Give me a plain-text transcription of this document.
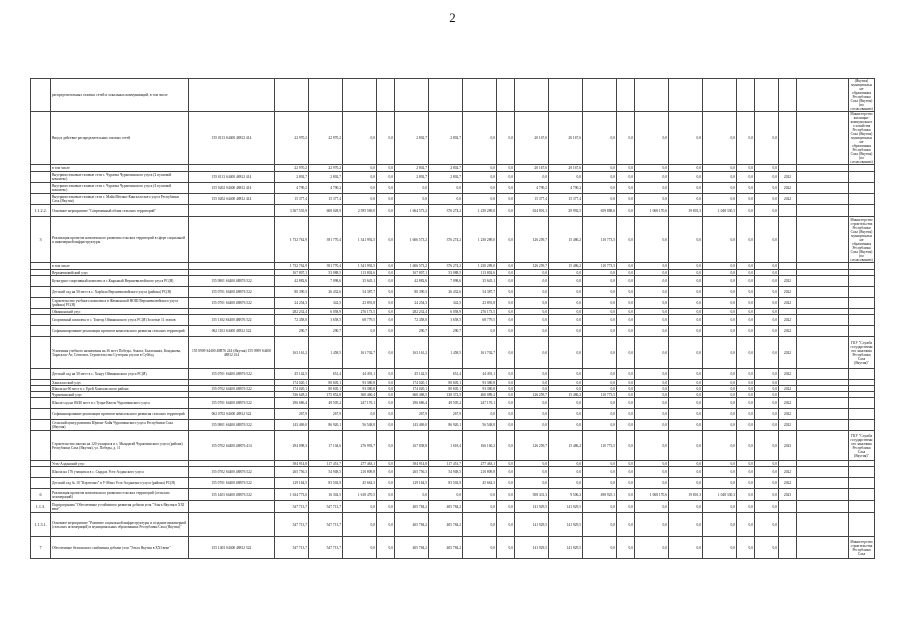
2
	распределительных газовых сетей и локальных коммуникаций, в том числе																					(Якутия) муниципальные образования Республики Саха (Якутия) (по согласованию)
	Ввод в действие распределительных газовых сетей	155 0113 S4400 48812 414	22 970,2	22 970,2	0,0	0,0	2 802,7	2 802,7	0,0	0,0	20 167,6	20 167,6	0,0	0,0	0,0	0,0	0,0	0,0	0,0			Министерство жилищно-коммунального хозяйства Республики Саха (Якутия) муниципальные образования Республики Саха (Якутия) (по согласованию)
	в том числе		22 970,2	22 970,2	0,0	0,0	2 802,7	2 802,7	0,0	0,0	20 167,6	20 167,6	0,0	0,0	0,0	0,0	0,0	0,0	0,0			
	Внутрипоселковые газовые сети с. Чурапча Чурапчинского улуса (2 пусковой комплекс)	155 0113 S4400 48812 414	2 802,7	2 802,7	0,0	0,0	2 802,7	2 802,7	0,0	0,0	0,0	0,0	0,0	0,0	0,0	0,0	0,0	0,0	0,0	2022		
	Внутрипоселковые газовые сети с. Чурапча Чурапчинского улуса (4 пусковой комплекс)	155 0202 S4400 48812 414	4 790,2	4 790,2	0,0	0,0	0,0	0,0	0,0	0,0	4 790,2	4 790,2	0,0	0,0	0,0	0,0	0,0	0,0	0,0	2022		
	Внутрипоселковые газовые сети с. Майя Мегино-Кангаласского улуса Республики Саха (Якутия)	155 0202 S4400 48812 414	15 377,4	15 377,4	0,0	0,0	0,0	0,0	0,0	0,0	15 377,4	15 377,4	0,0	0,0	0,0	0,0	0,0	0,0	0,0	2022		
1.1.2.2.	Основное мероприятие "Современный облик сельских территорий"		3 367 535,9	608 028,9	2 595 569,0	0,0	1 664 573,2	376 274,2	1 230 289,0	0,0	634 801,1	29 992,5	659 888,6	0,0	1 068 170,6	19 801,3	1 048 330,3	0,0	0,0			
3	Реализация проектов комплексного развития сельских территорий в сфере социальной и инженерной инфраструктуры		1 732 762,9	391 770,4	1 341 992,5	0,0	1 606 573,2	376 274,2	1 230 289,0	0,0	126 259,7	15 486,2	110 773,5	0,0	0,0	0,0	0,0	0,0	0,0			Министерство строительства Республики Саха (Якутия) муниципальные образования Республики Саха (Якутия) (по согласованию)
	в том числе		1 732 762,9	391 770,4	1 341 992,5	0,0	1 606 573,2	376 274,2	1 230 289,0	0,0	126 259,7	15 486,2	110 773,5	0,0	0,0	0,0	0,0	0,0	0,0			
	Верхневилюйский улус		167 807,1	53 088,5	113 802,6	0,0	167 807,1	53 088,5	113 802,6	0,0	0,0	0,0	0,0	0,0	0,0	0,0	0,0	0,0	0,0			
	Культурно-спортивный комплекс в с.Кырыкый Верхневилюйского улуса РС(Я)	155 0801 S4400 48B76 522	42 882,6	7 098,6	35 645,1	0,0	42 882,6	7 098,6	35 645,1	0,0	0,0	0,0	0,0	0,0	0,0	0,0	0,0	0,0	0,0	2022		
	Детский сад на 50 мест в с. Харбала Верхневилюйского улуса (района) РС(Я)	155 0701 S4400 48B76 522	80 390,3	26 432,6	54 387,7	0,0	80 390,3	26 432,6	54 387,7	0,0	0,0	0,0	0,0	0,0	0,0	0,0	0,0	0,0	0,0	2022		
	Строительство учебного комплекса в Жемконской НОШ Верхневилюйского улуса (района) РС(Я)	155 0701 S4400 48B76 522	24 254,3	342,5	23 891,8	0,0	24 254,3	342,5	23 891,8	0,0	0,0	0,0	0,0	0,0	0,0	0,0	0,0	0,0	0,0	2022		
	Оймяконский улус		282 232,4	6 058,9	276 173,5	0,0	282 232,4	6 058,9	276 173,5	0,0	0,0	0,0	0,0	0,0	0,0	0,0	0,0	0,0	0,0			
	Спортивный комплекс в с. Томтор Оймяконского улуса РС(Я) Золотые 11 этапов	155 1102 S4400 48B76 522	72 458,0	3 658,5	68 779,5	0,0	72 458,0	3 658,5	68 779,5	0,0	0,0	0,0	0,0	0,0	0,0	0,0	0,0	0,0	0,0	2022		
	Софинансирование реализации проектов комплексного развития сельских территорий	062 1102 S4400 48812 522	290,7	290,7	0,0	0,0	290,7	290,7	0,0	0,0	0,0	0,0	0,0	0,0	0,0	0,0	0,0	0,0	0,0	2022		
	Усиленная учебного назначения на 36 мест Победы, Амыга, Балаганнах, Кондакова, Тарагалас-Ат, Сегиенга, Строительство Суттерин улусов в Суббад	155 0909 S4400 48B76 244 (Якутия) 155 0909 S4400 48812 414	163 161,2	1 458,5	161 702,7	0,0	163 161,2	1 458,5	161 702,7	0,0	0,0	0,0	0,0	0,0	0,0	0,0	0,0	0,0	0,0	2022		ГКУ "Служба государственного заказчика Республики Саха (Якутия)"
	Детский сад на 50 мест в с. Хонуу Оймяконского улуса РС(Я)	155 0701 S4400 48B76 522	45 142,5	651,4	44 491,1	0,0	45 142,5	651,4	44 491,1	0,0	0,0	0,0	0,0	0,0	0,0	0,0	0,0	0,0	0,0	2022		
	Хангаласский улус		174 020,1	80 605,1	93 380,8	0,0	174 020,1	80 605,1	93 380,8	0,0	0,0	0,0	0,0	0,0	0,0	0,0	0,0	0,0	0,0			
	Школа на 60 мест в с. Ерей Хангаласского района	155 0702 S4400 48B76 522	174 020,1	80 605,1	93 380,8	0,0	174 020,1	80 605,1	93 380,8	0,0	0,0	0,0	0,0	0,0	0,0	0,0	0,0	0,0	0,0	2022		
	Чурапчинский улус		536 628,2	175 852,8	360 460,4	0,0	660 468,5	138 372,3	460 089,2	0,0	126 259,7	15 486,2	110 773,5	0,0	0,0	0,0	0,0	0,0	0,0			
	Школа-сад на 80/40 мест в с.Туора-Кюель Чурапчинского улуса	155 0701 S4400 48B76 522	296 686,4	49 505,2	247 176,1	0,0	296 686,4	49 505,2	247 176,1	0,0	0,0	0,0	0,0	0,0	0,0	0,0	0,0	0,0	0,0	2022		
	Софинансирование реализации проектов комплексного развития сельских территорий	062 0702 S4400 48812 522	267,9	267,9	0,0	0,0	267,9	267,9	0,0	0,0	0,0	0,0	0,0	0,0	0,0	0,0	0,0	0,0	0,0	2022		
	Сельский центр развития Юрюнг-Хайя Чурапчинского улуса Республики Саха (Якутия)	155 0801 S4400 48B76 522	143 469,0	86 920,1	56 548,8	0,0	143 469,0	86 920,1	56 548,8	0,0	0,0	0,0	0,0	0,0	0,0	0,0	0,0	0,0	0,0	2022		
	Строительство школы на 120 учащихся в с. Мындагай Чурапчинского улуса (района) Республики Саха (Якутия), ул. Победы, д. 11	155 0702 S4400 48B76 414	294 098,3	17 104,6	276 993,7	0,0	167 838,8	1 618,4	166 160,2	0,0	126 259,7	15 486,2	110 773,5	0,0	0,0	0,0	0,0	0,0	0,0	2023		ГКУ "Служба государственного заказчика Республики Саха (Якутия)"
	Усть-Алданский улус		394 914,8	117 451,7	277 463,1	0,0	394 914,8	117 451,7	277 463,1	0,0	0,0	0,0	0,0	0,0	0,0	0,0	0,0	0,0	0,0			
	Школа на 176 учащихся в с. Сырдах Усть-Алданского улуса	155 0702 S4400 48B76 522	265 756,3	54 948,5	210 809,8	0,0	265 756,3	54 948,5	210 809,8	0,0	0,0	0,0	0,0	0,0	0,0	0,0	0,0	0,0	0,0	2022		
	Детский сад № 10 "Кэрэчээнэ" в У-Мэнэ Усть-Алданского улуса (района) РС(Я)	155 0701 S4400 48B76 522	129 164,5	83 502,9	45 662,3	0,0	129 164,5	83 502,9	45 662,3	0,0	0,0	0,0	0,0	0,0	0,0	0,0	0,0	0,0	0,0	2022		
6	Реализация проектов комплексного развития сельских территорий (сельских агломераций)	155 1403 S4400 48B76 522	1 634 773,0	16 302,5	1 618 470,5	0,0	0,0	0,0	0,0	0,0	508 431,3	9 506,2	498 925,1	0,0	1 068 170,6	19 801,3	1 048 330,3	0,0	0,0	2023		
1.1.3.	Подпрограмма "Обеспечение устойчивого развития добычи угля "Эльга Якутия в XXI веке"		547 713,7	547 713,7	0,0	0,0	405 784,2	405 784,2	0,0	0,0	141 929,5	141 929,5	0,0	0,0	0,0	0,0	0,0	0,0	0,0			
1.1.3.1.	Основное мероприятие "Развитие социальной инфраструктуры и создание инженерной (сельских агломераций) в муниципальных образованиях Республики Саха (Якутия)"		547 713,7	547 713,7	0,0	0,0	405 784,2	405 784,2	0,0	0,0	141 929,5	141 929,5	0,0	0,0	0,0	0,0	0,0	0,0	0,0			
7	Обеспечение безопасного снабжения добычи угля "Эльга Якутия в XXI веке"	155 1403 S4400 48812 522	547 713,7	547 713,7	0,0	0,0	405 784,2	405 784,2	0,0	0,0	141 929,5	141 929,5	0,0	0,0	0,0	0,0	0,0	0,0	0,0			Министерство строительства Республики Саха
